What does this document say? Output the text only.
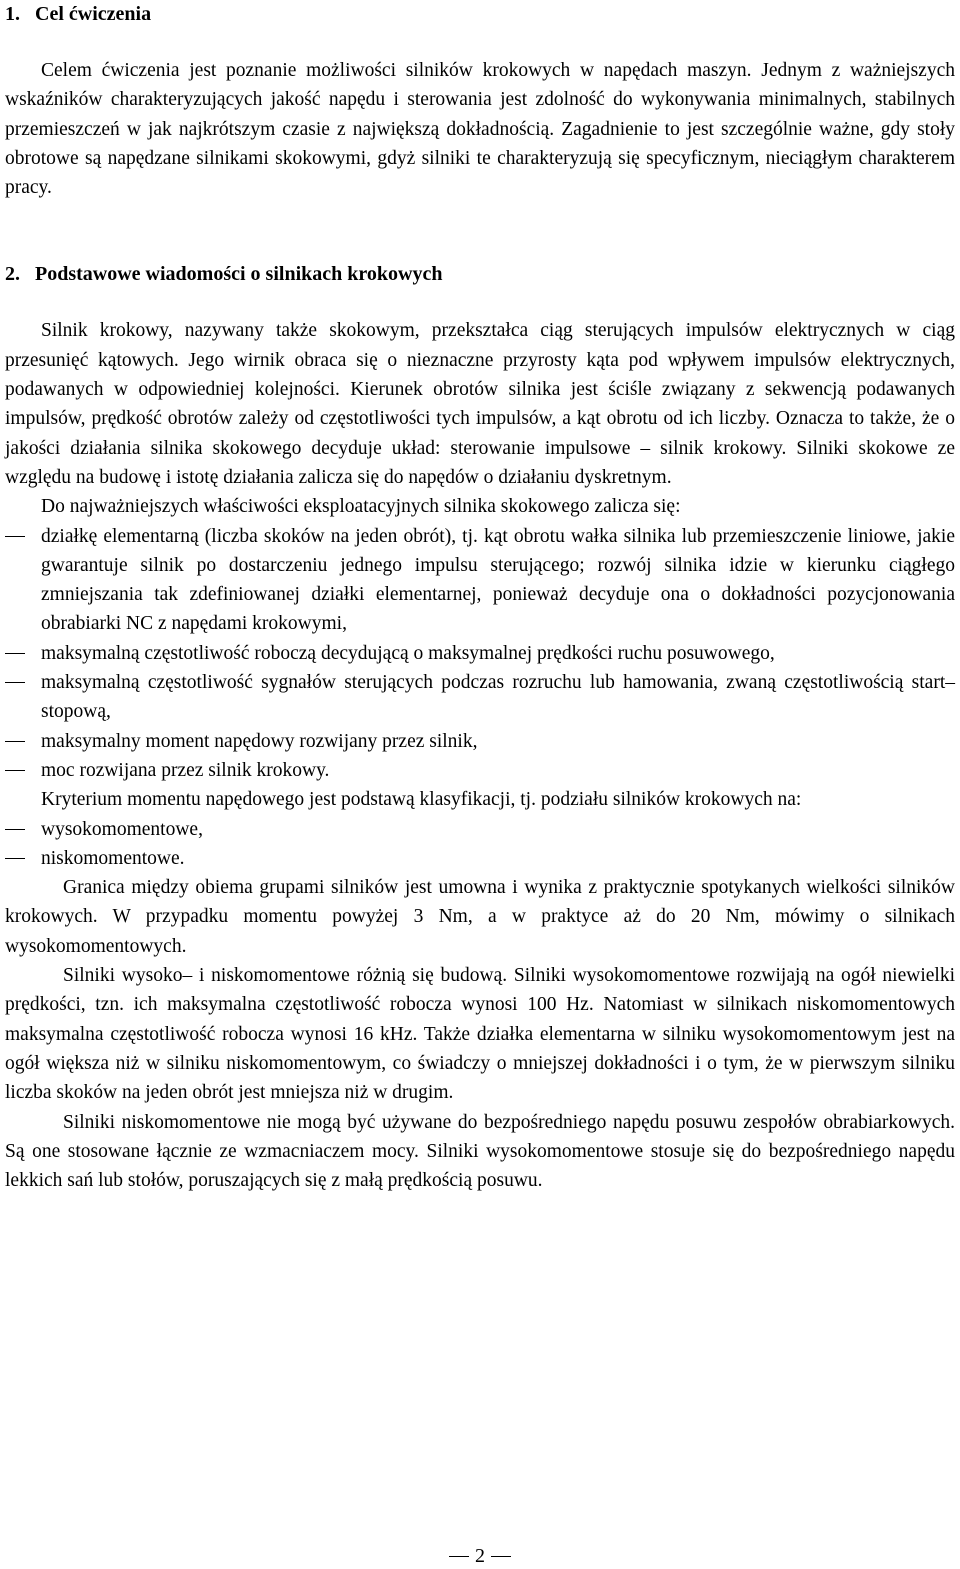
1.   Cel ćwiczenia

Celem ćwiczenia jest poznanie możliwości silników krokowych w napędach maszyn. Jednym z ważniejszych wskaźników charakteryzujących jakość napędu i sterowania jest zdolność do wykonywania minimalnych, stabilnych przemieszczeń w jak najkrótszym czasie z największą dokładnością. Zagadnienie to jest szczególnie ważne, gdy stoły obrotowe są napędzane silnikami skokowymi, gdyż silniki te charakteryzują się specyficznym, nieciągłym charakterem pracy.

2.   Podstawowe wiadomości o silnikach krokowych

Silnik krokowy, nazywany także skokowym, przekształca ciąg sterujących impulsów elektrycznych w ciąg przesunięć kątowych. Jego wirnik obraca się o nieznaczne przyrosty kąta pod wpływem impulsów elektrycznych, podawanych w odpowiedniej kolejności. Kierunek obrotów silnika jest ściśle związany z sekwencją podawanych impulsów, prędkość obrotów zależy od częstotliwości tych impulsów, a kąt obrotu od ich liczby. Oznacza to także, że o jakości działania silnika skokowego decyduje układ: sterowanie impulsowe – silnik krokowy. Silniki skokowe ze względu na budowę i istotę działania zalicza się do napędów o działaniu dyskretnym.

Do najważniejszych właściwości eksploatacyjnych silnika skokowego zalicza się:

działkę elementarną (liczba skoków na jeden obrót), tj. kąt obrotu wałka silnika lub przemieszczenie liniowe, jakie gwarantuje silnik po dostarczeniu jednego impulsu sterującego; rozwój silnika idzie w kierunku ciągłego zmniejszania tak zdefiniowanej działki elementarnej, ponieważ decyduje ona o dokładności pozycjonowania obrabiarki NC z napędami krokowymi,
maksymalną częstotliwość roboczą decydującą o maksymalnej prędkości ruchu posuwowego,
maksymalną częstotliwość sygnałów sterujących podczas rozruchu lub hamowania, zwaną częstotliwością start–stopową,
maksymalny moment napędowy rozwijany przez silnik,
moc rozwijana przez silnik krokowy.

Kryterium momentu napędowego jest podstawą klasyfikacji, tj. podziału silników krokowych na:

wysokomomentowe,
niskomomentowe.

Granica między obiema grupami silników jest umowna i wynika z praktycznie spotykanych wielkości silników krokowych. W przypadku momentu powyżej 3 Nm, a w praktyce aż do 20 Nm, mówimy o silnikach wysokomomentowych.

Silniki wysoko– i niskomomentowe różnią się budową. Silniki wysokomomentowe rozwijają na ogół niewielki prędkości, tzn. ich maksymalna częstotliwość robocza wynosi 100 Hz. Natomiast w silnikach niskomomentowych maksymalna częstotliwość robocza wynosi 16 kHz. Także działka elementarna w silniku wysokomomentowym jest na ogół większa niż w silniku niskomomentowym, co świadczy o mniejszej dokładności i o tym, że w pierwszym silniku liczba skoków na jeden obrót jest mniejsza niż w drugim.

Silniki niskomomentowe nie mogą być używane do bezpośredniego napędu posuwu zespołów obrabiarkowych. Są one stosowane łącznie ze wzmacniaczem mocy. Silniki wysokomomentowe stosuje się do bezpośredniego napędu lekkich sań lub stołów, poruszających się z małą prędkością posuwu.

2
